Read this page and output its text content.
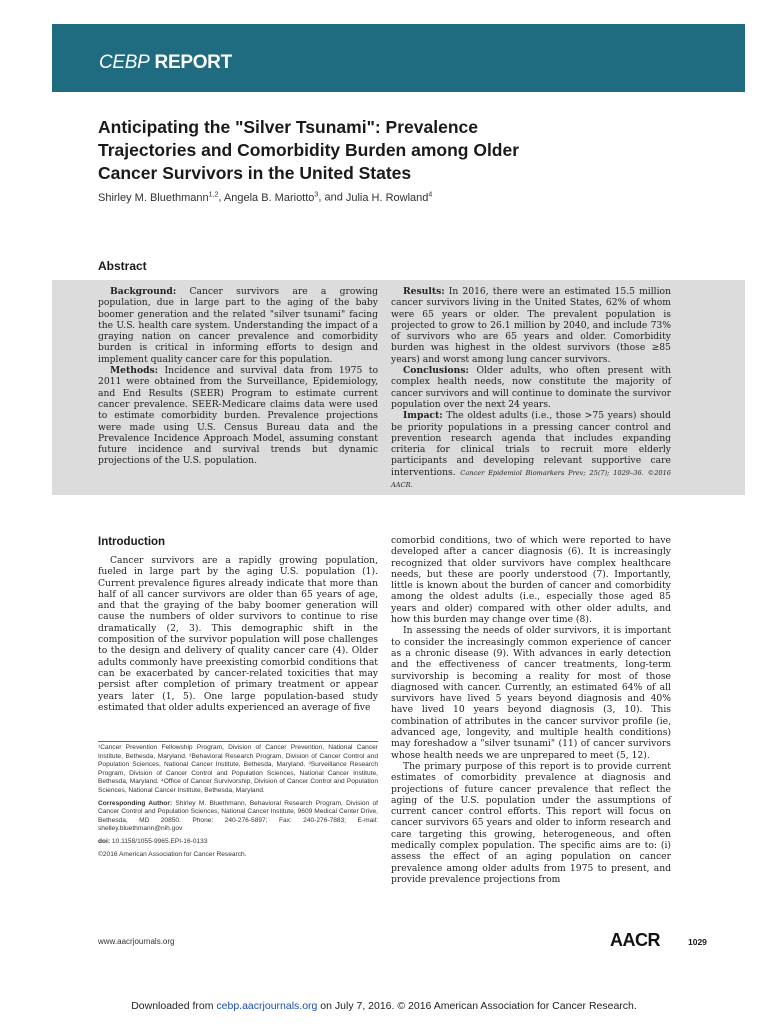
CEBP REPORT
Anticipating the "Silver Tsunami": Prevalence Trajectories and Comorbidity Burden among Older Cancer Survivors in the United States
Shirley M. Bluethmann$^{1,2}$, Angela B. Mariotto$^3$, and Julia H. Rowland$^4$
Abstract

Background: Cancer survivors are a growing population, due in large part to the aging of the baby boomer generation and the related "silver tsunami" facing the U.S. health care system. Understanding the impact of a graying nation on cancer prevalence and comorbidity burden is critical in informing efforts to design and implement quality cancer care for this population.

Methods: Incidence and survival data from 1975 to 2011 were obtained from the Surveillance, Epidemiology, and End Results (SEER) Program to estimate current cancer prevalence. SEER-Medicare claims data were used to estimate comorbidity burden. Prevalence projections were made using U.S. Census Bureau data and the Prevalence Incidence Approach Model, assuming constant future incidence and survival trends but dynamic projections of the U.S. population.

Results: In 2016, there were an estimated 15.5 million cancer survivors living in the United States, 62% of whom were 65 years or older. The prevalent population is projected to grow to 26.1 million by 2040, and include 73% of survivors who are 65 years and older. Comorbidity burden was highest in the oldest survivors (those ≥85 years) and worst among lung cancer survivors.

Conclusions: Older adults, who often present with complex health needs, now constitute the majority of cancer survivors and will continue to dominate the survivor population over the next 24 years.

Impact: The oldest adults (i.e., those >75 years) should be priority populations in a pressing cancer control and prevention research agenda that includes expanding criteria for clinical trials to recruit more elderly participants and developing relevant supportive care interventions. Cancer Epidemiol Biomarkers Prev; 25(7); 1029–36. ©2016 AACR.

Introduction

Cancer survivors are a rapidly growing population, fueled in large part by the aging U.S. population (1). Current prevalence figures already indicate that more than half of all cancer survivors are older than 65 years of age, and that the graying of the baby boomer generation will cause the numbers of older survivors to continue to rise dramatically (2, 3). This demographic shift in the composition of the survivor population will pose challenges to the design and delivery of quality cancer care (4). Older adults commonly have preexisting comorbid conditions that can be exacerbated by cancer-related toxicities that may persist after completion of primary treatment or appear years later (1, 5). One large population-based study estimated that older adults experienced an average of five

comorbid conditions, two of which were reported to have developed after a cancer diagnosis (6). It is increasingly recognized that older survivors have complex healthcare needs, but these are poorly understood (7). Importantly, little is known about the burden of cancer and comorbidity among the oldest adults (i.e., especially those aged 85 years and older) compared with other older adults, and how this burden may change over time (8).

In assessing the needs of older survivors, it is important to consider the increasingly common experience of cancer as a chronic disease (9). With advances in early detection and the effectiveness of cancer treatments, long-term survivorship is becoming a reality for most of those diagnosed with cancer. Currently, an estimated 64% of all survivors have lived 5 years beyond diagnosis and 40% have lived 10 years beyond diagnosis (3, 10). This combination of attributes in the cancer survivor profile (ie, advanced age, longevity, and multiple health conditions) may foreshadow a "silver tsunami" (11) of cancer survivors whose health needs we are unprepared to meet (5, 12).

The primary purpose of this report is to provide current estimates of comorbidity prevalence at diagnosis and projections of future cancer prevalence that reflect the aging of the U.S. population under the assumptions of current cancer control efforts. This report will focus on cancer survivors 65 years and older to inform research and care targeting this growing, heterogeneous, and often medically complex population. The specific aims are to: (i) assess the effect of an aging population on cancer prevalence among older adults from 1975 to present, and provide prevalence projections from

¹Cancer Prevention Fellowship Program, Division of Cancer Prevention, National Cancer Institute, Bethesda, Maryland. ²Behavioral Research Program, Division of Cancer Control and Population Sciences, National Cancer Institute, Bethesda, Maryland. ³Surveillance Research Program, Division of Cancer Control and Population Sciences, National Cancer Institute, Bethesda, Maryland. ⁴Office of Cancer Survivorship, Division of Cancer Control and Population Sciences, National Cancer Institute, Bethesda, Maryland.

Corresponding Author: Shirley M. Bluethmann, Behavioral Research Program, Division of Cancer Control and Population Sciences, National Cancer Institute, 9609 Medical Center Drive, Bethesda, MD 20850. Phone: 240-276-5897; Fax: 240-276-7883; E-mail: shelley.bluethmann@nih.gov

doi: 10.1158/1055-9965.EPI-16-0133

©2016 American Association for Cancer Research.

www.aacrjournals.org	AACR	1029
Downloaded from cebp.aacrjournals.org on July 7, 2016. © 2016 American Association for Cancer Research.
